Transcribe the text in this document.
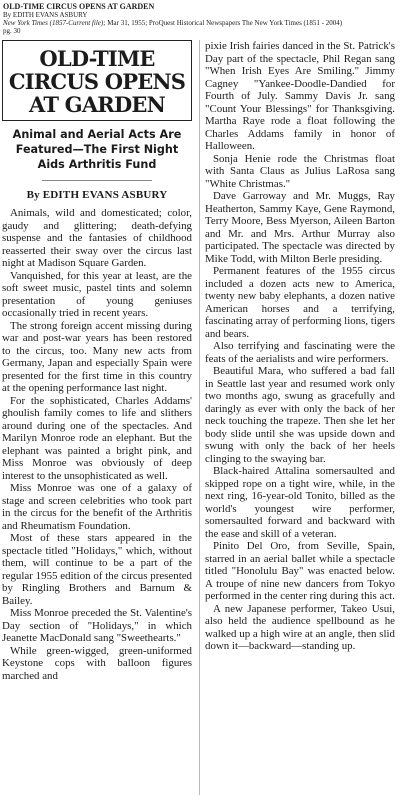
OLD-TIME CIRCUS OPENS AT GARDEN
By EDITH EVANS ASBURY
New York Times (1857-Current file); Mar 31, 1955; ProQuest Historical Newspapers The New York Times (1851 - 2004)
pg. 30
OLD-TIME CIRCUS OPENS AT GARDEN
Animal and Aerial Acts Are Featured—The First Night Aids Arthritis Fund
By EDITH EVANS ASBURY

Animals, wild and domesticated; color, gaudy and glittering; death-defying suspense and the fantasies of childhood reasserted their sway over the circus last night at Madison Square Garden.

Vanquished, for this year at least, are the soft sweet music, pastel tints and solemn presentation of young geniuses occasionally tried in recent years.

The strong foreign accent missing during war and post-war years has been restored to the circus, too. Many new acts from Germany, Japan and especially Spain were presented for the first time in this country at the opening performance last night.

For the sophisticated, Charles Addams' ghoulish family comes to life and slithers around during one of the spectacles. And Marilyn Monroe rode an elephant. But the elephant was painted a bright pink, and Miss Monroe was obviously of deep interest to the unsophisticated as well.

Miss Monroe was one of a galaxy of stage and screen celebrities who took part in the circus for the benefit of the Arthritis and Rheumatism Foundation.

Most of these stars appeared in the spectacle titled "Holidays," which, without them, will continue to be a part of the regular 1955 edition of the circus presented by Ringling Brothers and Barnum & Bailey.

Miss Monroe preceded the St. Valentine's Day section of "Holidays," in which Jeanette MacDonald sang "Sweethearts."

While green-wigged, green-uniformed Keystone cops with balloon figures marched and

pixie Irish fairies danced in the St. Patrick's Day part of the spectacle, Phil Regan sang "When Irish Eyes Are Smiling." Jimmy Cagney "Yankee-Doodle-Dandied for Fourth of July. Sammy Davis Jr. sang "Count Your Blessings" for Thanksgiving. Martha Raye rode a float following the Charles Addams family in honor of Halloween.

Sonja Henie rode the Christmas float with Santa Claus as Julius LaRosa sang "White Christmas."

Dave Garroway and Mr. Muggs, Ray Heatherton, Sammy Kaye, Gene Raymond, Terry Moore, Bess Myerson, Aileen Barton and Mr. and Mrs. Arthur Murray also participated. The spectacle was directed by Mike Todd, with Milton Berle presiding.

Permanent features of the 1955 circus included a dozen acts new to America, twenty new baby elephants, a dozen native American horses and a terrifying, fascinating array of performing lions, tigers and bears.

Also terrifying and fascinating were the feats of the aerialists and wire performers.

Beautiful Mara, who suffered a bad fall in Seattle last year and resumed work only two months ago, swung as gracefully and daringly as ever with only the back of her neck touching the trapeze. Then she let her body slide until she was upside down and swung with only the back of her heels clinging to the swaying bar.

Black-haired Attalina somersaulted and skipped rope on a tight wire, while, in the next ring, 16-year-old Tonito, billed as the world's youngest wire performer, somersaulted forward and backward with the ease and skill of a veteran.

Pinito Del Oro, from Seville, Spain, starred in an aerial ballet while a spectacle titled "Honolulu Bay" was enacted below. A troupe of nine new dancers from Tokyo performed in the center ring during this act.

A new Japanese performer, Takeo Usui, also held the audience spellbound as he walked up a high wire at an angle, then slid down it—backward—standing up.
